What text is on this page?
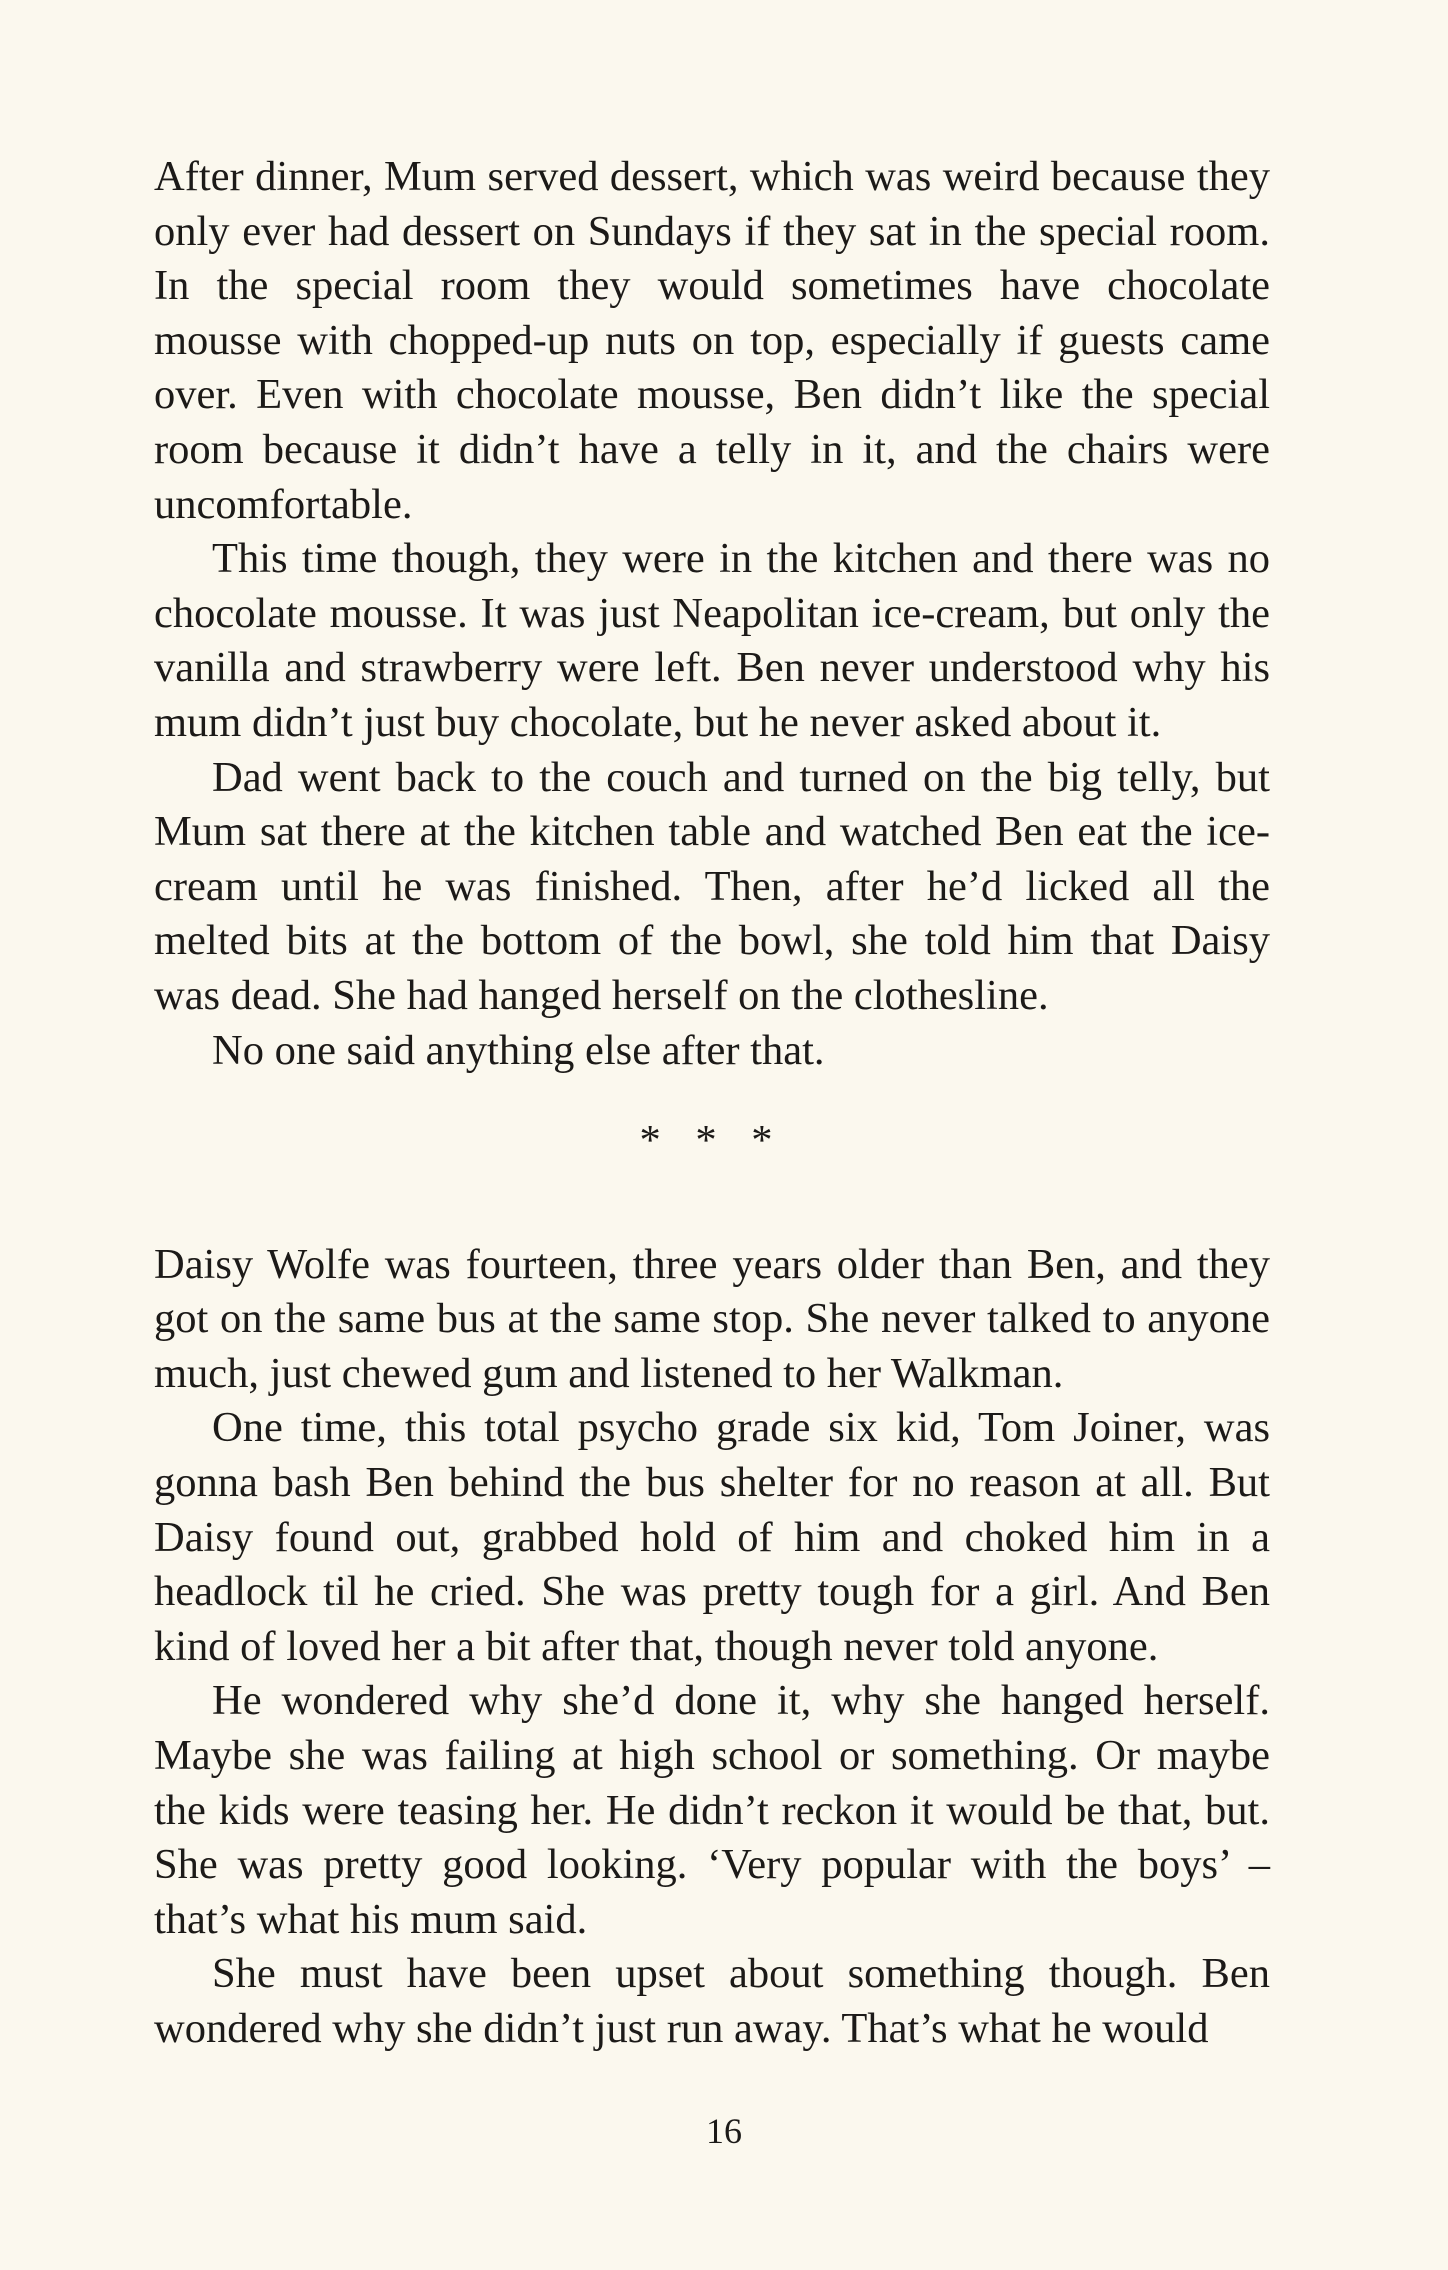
After dinner, Mum served dessert, which was weird because they only ever had dessert on Sundays if they sat in the special room. In the special room they would sometimes have chocolate mousse with chopped-up nuts on top, especially if guests came over. Even with chocolate mousse, Ben didn’t like the special room because it didn’t have a telly in it, and the chairs were uncomfortable.

This time though, they were in the kitchen and there was no chocolate mousse. It was just Neapolitan ice-cream, but only the vanilla and strawberry were left. Ben never understood why his mum didn’t just buy chocolate, but he never asked about it.

Dad went back to the couch and turned on the big telly, but Mum sat there at the kitchen table and watched Ben eat the ice-cream until he was finished. Then, after he’d licked all the melted bits at the bottom of the bowl, she told him that Daisy was dead. She had hanged herself on the clothesline.

No one said anything else after that.

* * *

Daisy Wolfe was fourteen, three years older than Ben, and they got on the same bus at the same stop. She never talked to anyone much, just chewed gum and listened to her Walkman.

One time, this total psycho grade six kid, Tom Joiner, was gonna bash Ben behind the bus shelter for no reason at all. But Daisy found out, grabbed hold of him and choked him in a headlock til he cried. She was pretty tough for a girl. And Ben kind of loved her a bit after that, though never told anyone.

He wondered why she’d done it, why she hanged herself. Maybe she was failing at high school or something. Or maybe the kids were teasing her. He didn’t reckon it would be that, but. She was pretty good looking. ‘Very popular with the boys’ – that’s what his mum said.

She must have been upset about something though. Ben wondered why she didn’t just run away. That’s what he would

16
